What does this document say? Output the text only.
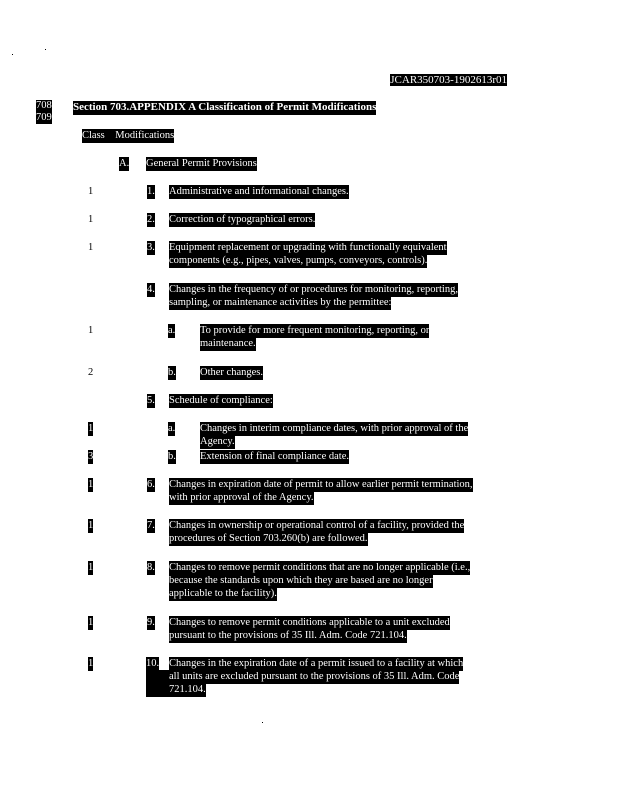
JCAR350703-1902613r01
708
709
Section 703.APPENDIX A Classification of Permit Modifications
Class Modifications
A. General Permit Provisions
1	1. Administrative and informational changes.
1	2. Correction of typographical errors.
1	3. Equipment replacement or upgrading with functionally equivalent
components (e.g., pipes, valves, pumps, conveyors, controls).
4. Changes in the frequency of or procedures for monitoring, reporting,
sampling, or maintenance activities by the permittee:
1	a. To provide for more frequent monitoring, reporting, or
maintenance.
2	b. Other changes.
5. Schedule of compliance:
1	a. Changes in interim compliance dates, with prior approval of the
Agency.
3	b. Extension of final compliance date.
1	6. Changes in expiration date of permit to allow earlier permit termination,
with prior approval of the Agency.
1	7. Changes in ownership or operational control of a facility, provided the
procedures of Section 703.260(b) are followed.
1	8. Changes to remove permit conditions that are no longer applicable (i.e.,
because the standards upon which they are based are no longer
applicable to the facility).
1	9. Changes to remove permit conditions applicable to a unit excluded
pursuant to the provisions of 35 Ill. Adm. Code 721.104.
1	10. Changes in the expiration date of a permit issued to a facility at which
all units are excluded pursuant to the provisions of 35 Ill. Adm. Code
721.104.
